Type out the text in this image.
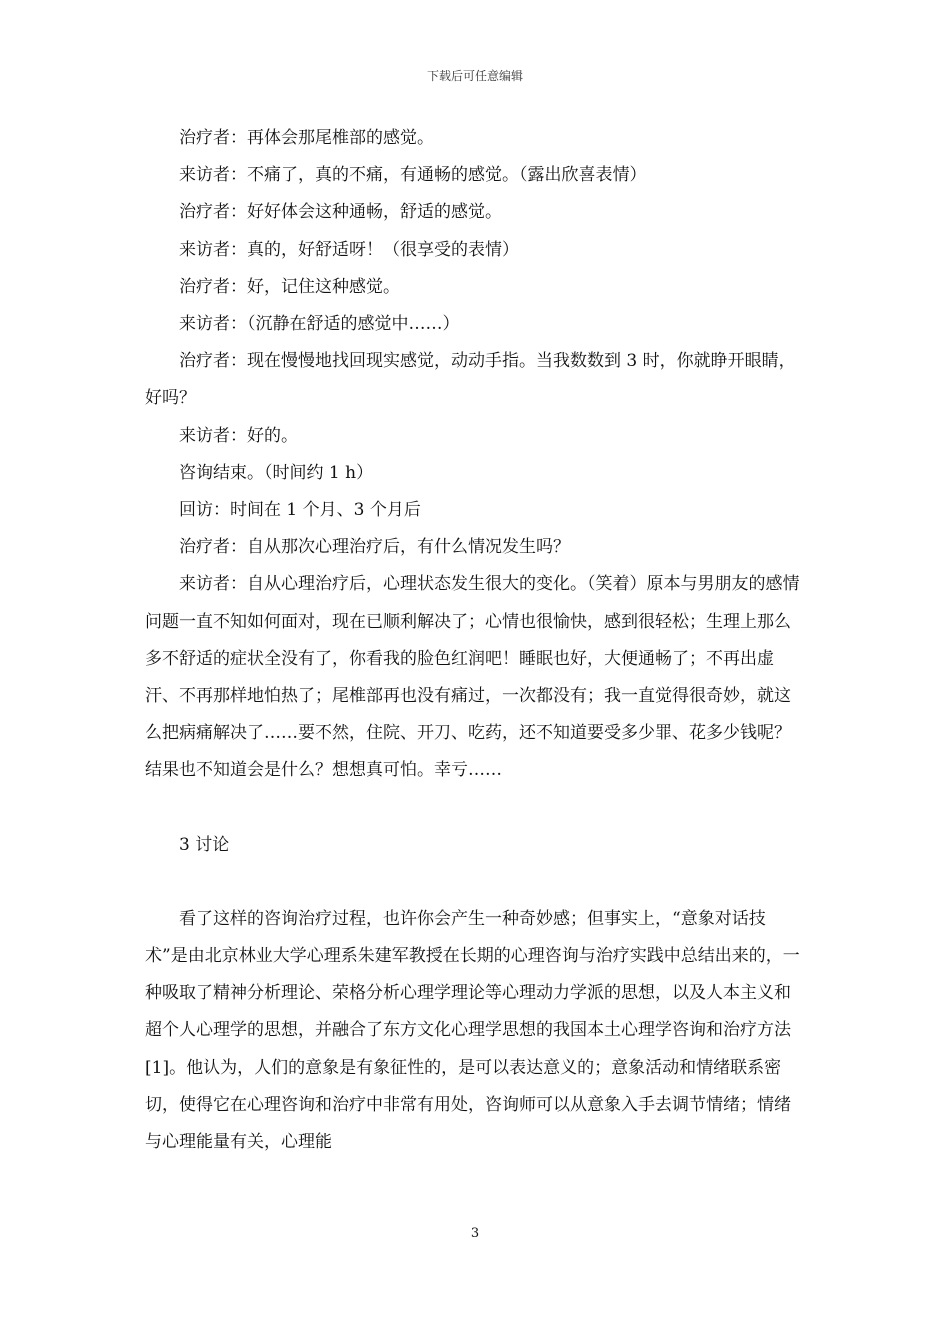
下载后可任意编辑

治疗者：再体会那尾椎部的感觉。

来访者：不痛了，真的不痛，有通畅的感觉。（露出欣喜表情）

治疗者：好好体会这种通畅，舒适的感觉。

来访者：真的，好舒适呀！（很享受的表情）

治疗者：好，记住这种感觉。

来访者：（沉静在舒适的感觉中……）

治疗者：现在慢慢地找回现实感觉，动动手指。当我数数到 3 时，你就睁开眼睛，好吗？

来访者：好的。

咨询结束。（时间约 1 h）

回访：时间在 1 个月、3 个月后

治疗者：自从那次心理治疗后，有什么情况发生吗？

来访者：自从心理治疗后，心理状态发生很大的变化。（笑着）原本与男朋友的感情问题一直不知如何面对，现在已顺利解决了；心情也很愉快，感到很轻松；生理上那么多不舒适的症状全没有了，你看我的脸色红润吧！睡眠也好，大便通畅了；不再出虚汗、不再那样地怕热了；尾椎部再也没有痛过，一次都没有；我一直觉得很奇妙，就这么把病痛解决了……要不然，住院、开刀、吃药，还不知道要受多少罪、花多少钱呢？结果也不知道会是什么？想想真可怕。幸亏……

3 讨论

看了这样的咨询治疗过程，也许你会产生一种奇妙感；但事实上，“意象对话技术”是由北京林业大学心理系朱建军教授在长期的心理咨询与治疗实践中总结出来的，一种吸取了精神分析理论、荣格分析心理学理论等心理动力学派的思想，以及人本主义和超个人心理学的思想，并融合了东方文化心理学思想的我国本土心理学咨询和治疗方法[1]。他认为，人们的意象是有象征性的，是可以表达意义的；意象活动和情绪联系密切，使得它在心理咨询和治疗中非常有用处，咨询师可以从意象入手去调节情绪；情绪与心理能量有关，心理能

3
